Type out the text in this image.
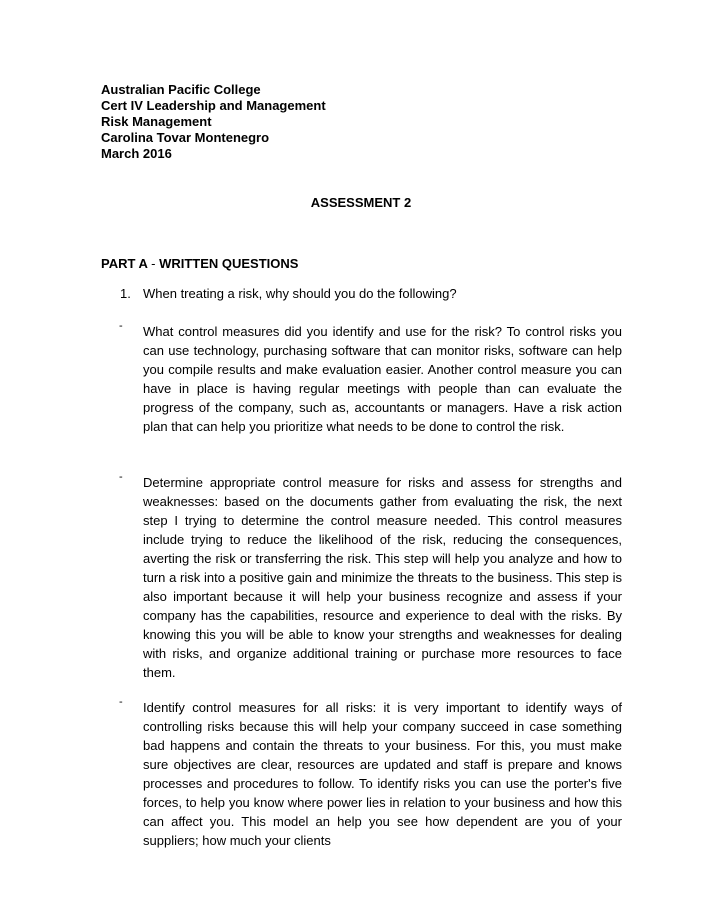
Australian Pacific College
Cert IV Leadership and Management
Risk Management
Carolina Tovar Montenegro
March 2016
ASSESSMENT 2
PART A - WRITTEN QUESTIONS
1. When treating a risk, why should you do the following?
- What control measures did you identify and use for the risk? To control risks you can use technology, purchasing software that can monitor risks, software can help you compile results and make evaluation easier. Another control measure you can have in place is having regular meetings with people than can evaluate the progress of the company, such as, accountants or managers. Have a risk action plan that can help you prioritize what needs to be done to control the risk.
- Determine appropriate control measure for risks and assess for strengths and weaknesses: based on the documents gather from evaluating the risk, the next step I trying to determine the control measure needed. This control measures include trying to reduce the likelihood of the risk, reducing the consequences, averting the risk or transferring the risk. This step will help you analyze and how to turn a risk into a positive gain and minimize the threats to the business. This step is also important because it will help your business recognize and assess if your company has the capabilities, resource and experience to deal with the risks. By knowing this you will be able to know your strengths and weaknesses for dealing with risks, and organize additional training or purchase more resources to face them.
- Identify control measures for all risks: it is very important to identify ways of controlling risks because this will help your company succeed in case something bad happens and contain the threats to your business. For this, you must make sure objectives are clear, resources are updated and staff is prepare and knows processes and procedures to follow. To identify risks you can use the porter's five forces, to help you know where power lies in relation to your business and how this can affect you. This model an help you see how dependent are you of your suppliers; how much your clients
